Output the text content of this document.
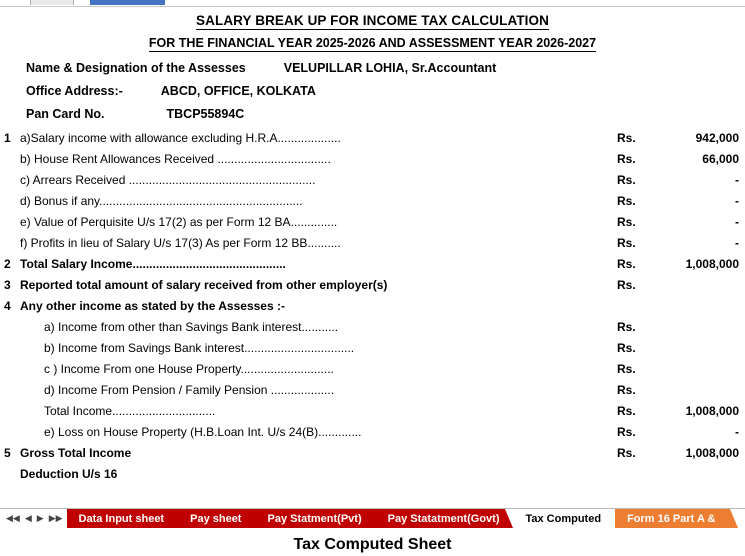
SALARY BREAK UP FOR INCOME TAX CALCULATION
FOR THE FINANCIAL YEAR 2025-2026 AND ASSESSMENT YEAR 2026-2027
Name & Designation of the Assesses	VELUPILLAR LOHIA, Sr.Accountant
Office Address:-	ABCD, OFFICE, KOLKATA
Pan Card No.	TBCP55894C
1 a)Salary income with allowance excluding H.R.A...................	Rs.	942,000
b) House Rent Allowances Received ..................................	Rs.	66,000
c) Arrears Received ........................................................	Rs.	-
d) Bonus if any.............................................................	Rs.	-
e) Value of Perquisite U/s 17(2) as per Form 12 BA..............	Rs.	-
f) Profits in lieu of Salary U/s 17(3) As per Form 12 BB..........	Rs.	-
2 Total Salary Income..............................................	Rs.	1,008,000
3 Reported total amount of salary received from other employer(s)	Rs.
4 Any other income as stated by the Assesses :-
a) Income from other than Savings Bank interest...........	Rs.
b) Income from Savings Bank interest.................................	Rs.
c ) Income From one House Property............................	Rs.
d) Income From Pension / Family Pension ...................	Rs.
Total Income...............................	Rs.	1,008,000
e) Loss on House Property (H.B.Loan Int. U/s 24(B).............	Rs.	-
5 Gross Total Income	Rs.	1,008,000
Deduction U/s 16
◀◀ ◀ ▶ ▶▶ Data Input sheet Pay sheet Pay Statment(Pvt) Pay Statatment(Govt) Tax Computed Form 16 Part A &
Tax Computed Sheet
